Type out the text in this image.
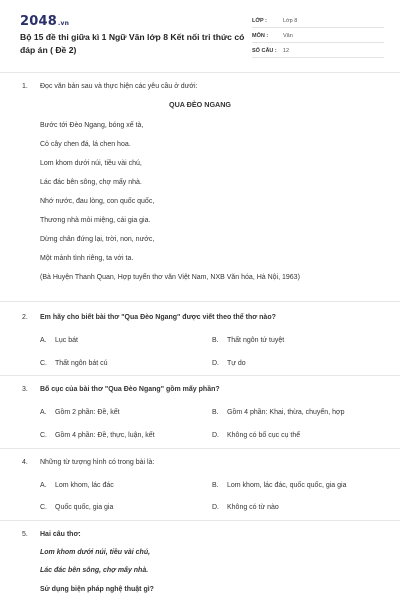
2048.vn
Bộ 15 đề thi giữa kì 1 Ngữ Văn lớp 8 Kết nối tri thức có đáp án ( Đề 2)
LỚP :	Lớp 8
MÔN :	Văn
SỐ CÂU : 12
1. Đọc văn bản sau và thực hiện các yêu cầu ở dưới:
QUA ĐÈO NGANG
Bước tới Đèo Ngang, bóng xế tà,
Cỏ cây chen đá, lá chen hoa.
Lom khom dưới núi, tiều vài chú,
Lác đác bên sông, chợ mấy nhà.
Nhớ nước, đau lòng, con quốc quốc,
Thương nhà mỏi miệng, cái gia gia.
Dừng chân đứng lại, trời, non, nước,
Một mảnh tình riêng, ta với ta.
(Bà Huyện Thanh Quan, Hợp tuyển thơ văn Việt Nam, NXB Văn hóa, Hà Nội, 1963)
2. Em hãy cho biết bài thơ "Qua Đèo Ngang" được viết theo thể thơ nào?
A. Lục bát	B. Thất ngôn tứ tuyệt
C. Thất ngôn bát cú	D. Tự do
3. Bố cục của bài thơ "Qua Đèo Ngang" gồm mấy phần?
A. Gồm 2 phần: Đề, kết	B. Gồm 4 phần: Khai, thừa, chuyển, hợp
C. Gồm 4 phần: Đề, thực, luận, kết	D. Không có bố cục cụ thể
4. Những từ tượng hình có trong bài là:
A. Lom khom, lác đác	B. Lom khom, lác đác, quốc quốc, gia gia
C. Quốc quốc, gia gia	D. Không có từ nào
5. Hai câu thơ:
Lom khom dưới núi, tiều vài chú,
Lác đác bên sông, chợ mấy nhà.
Sử dụng biện pháp nghệ thuật gì?
